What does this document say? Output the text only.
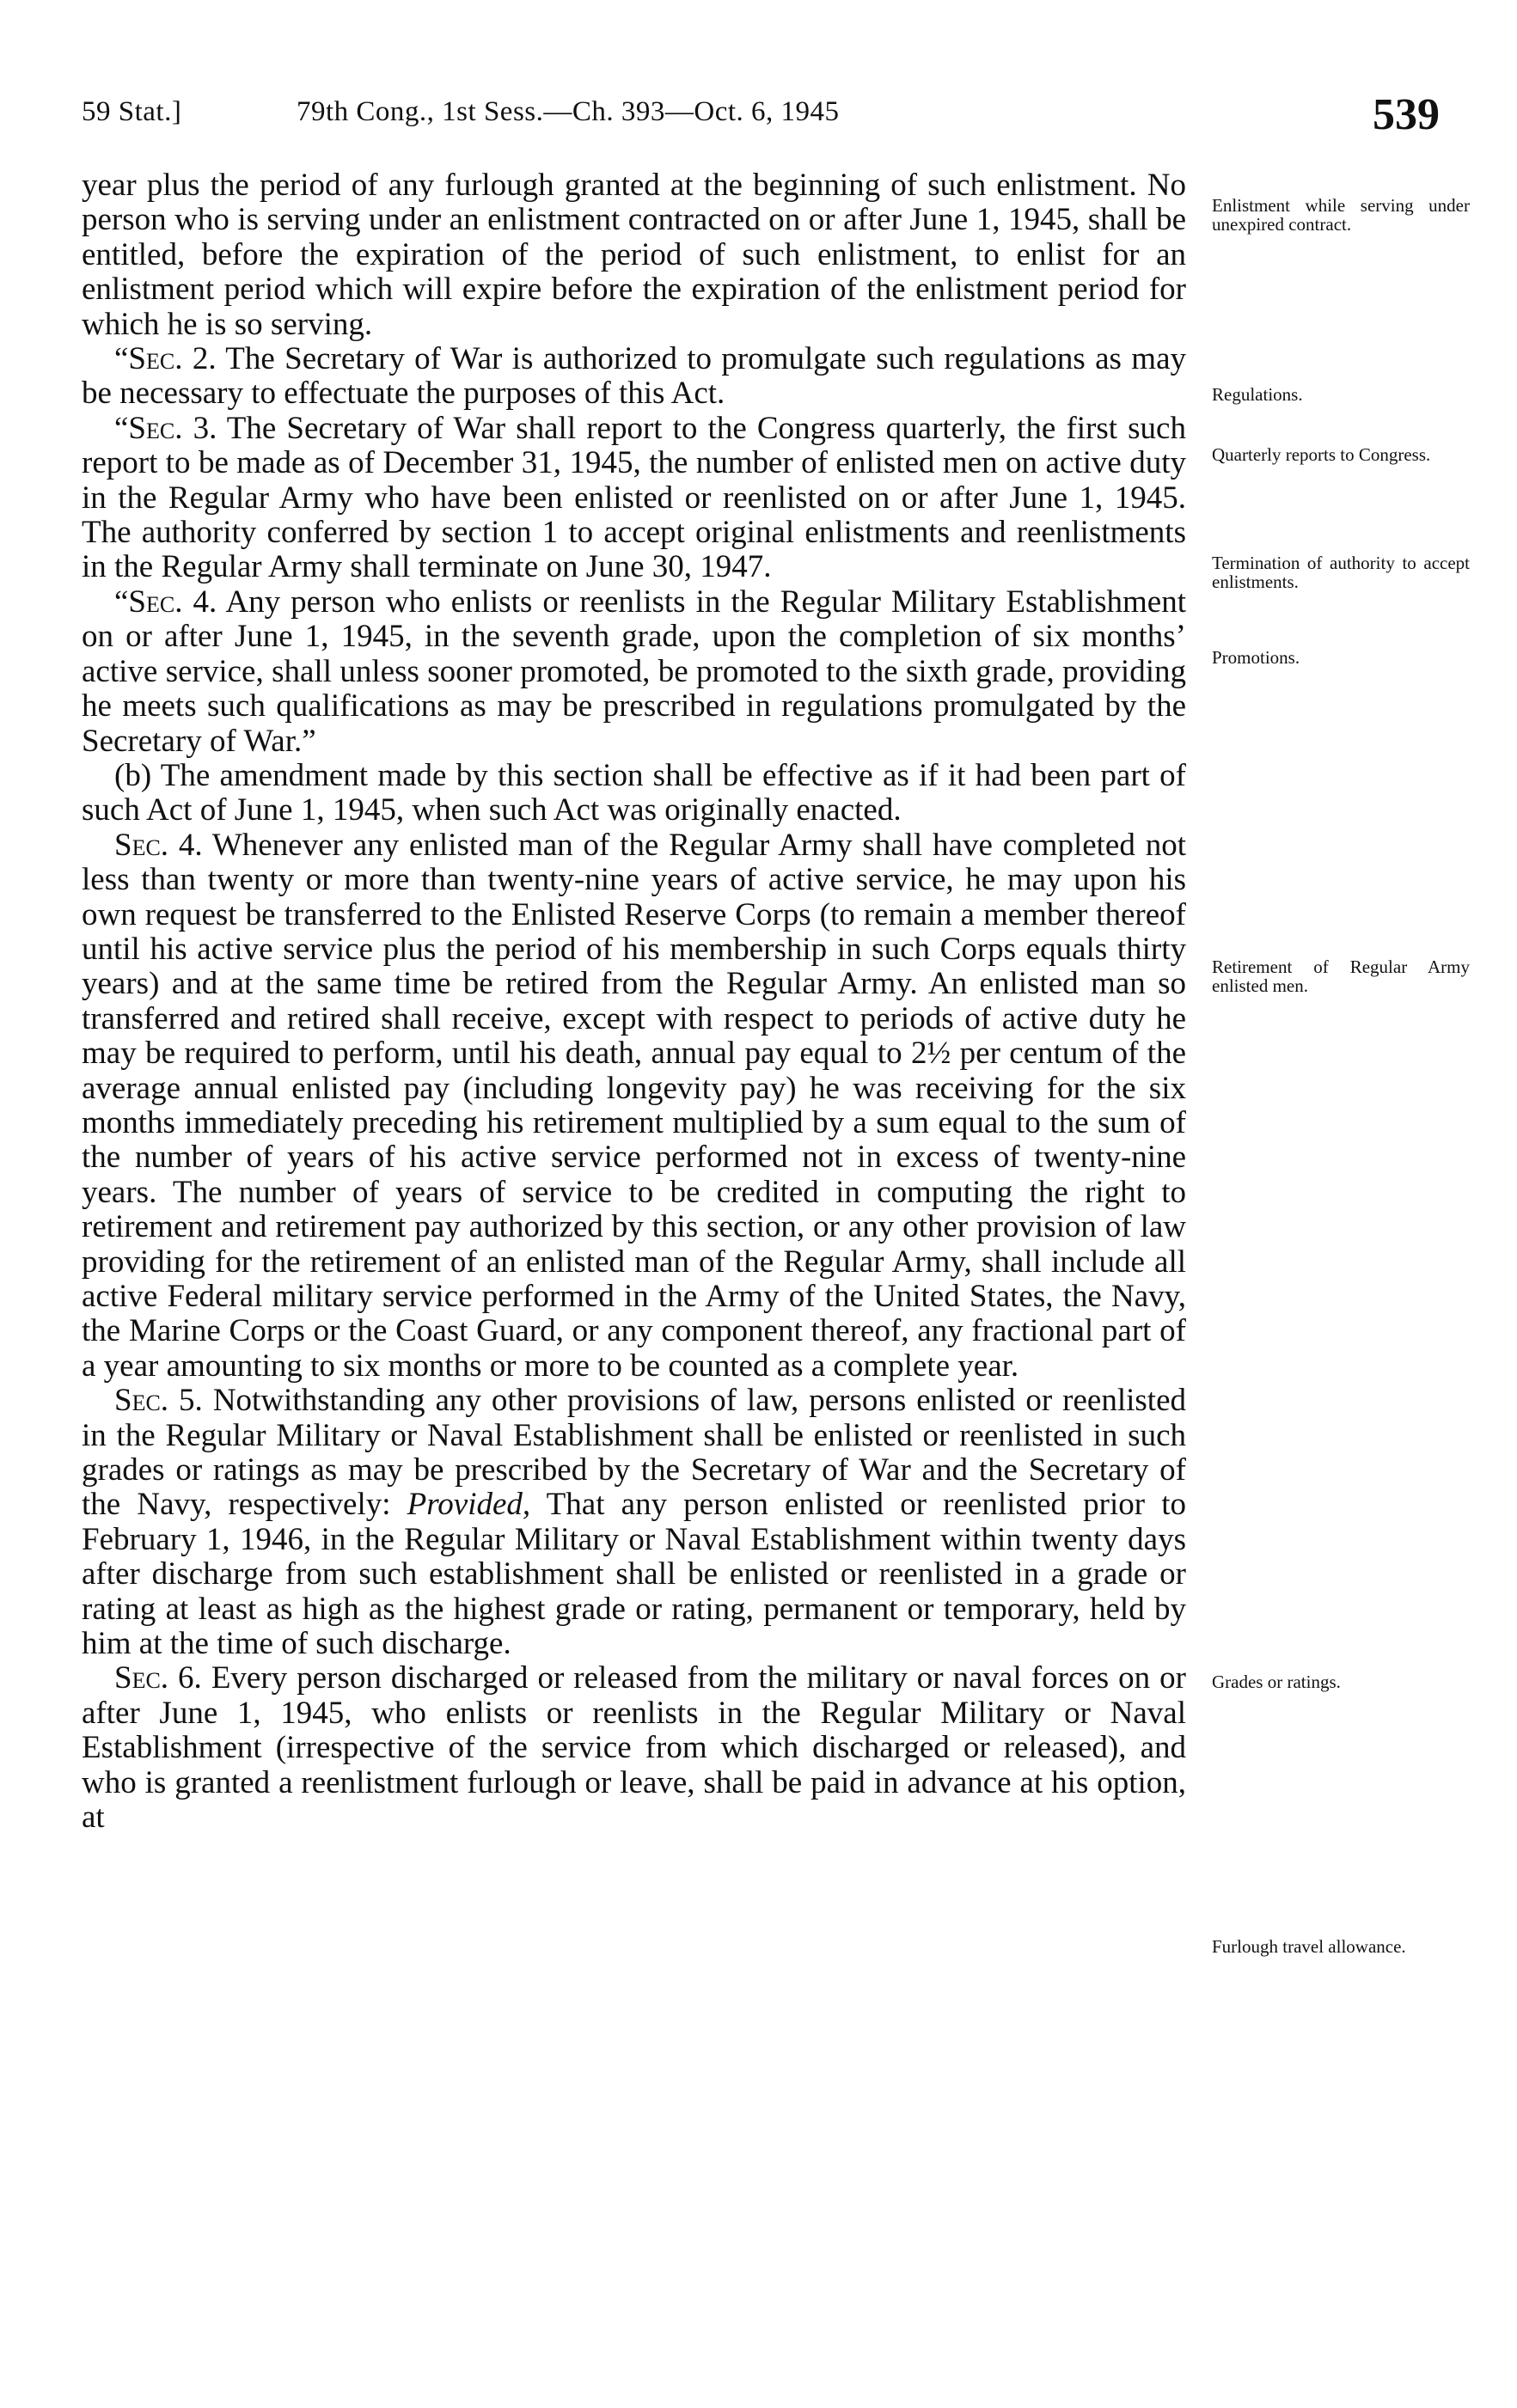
59 Stat.]	79th Cong., 1st Sess.—Ch. 393—Oct. 6, 1945	539

year plus the period of any furlough granted at the beginning of such enlistment. No person who is serving under an enlistment contracted on or after June 1, 1945, shall be entitled, before the expiration of the period of such enlistment, to enlist for an enlistment period which will expire before the expiration of the enlistment period for which he is so serving.

“Sec. 2. The Secretary of War is authorized to promulgate such regulations as may be necessary to effectuate the purposes of this Act.

“Sec. 3. The Secretary of War shall report to the Congress quarterly, the first such report to be made as of December 31, 1945, the number of enlisted men on active duty in the Regular Army who have been enlisted or reenlisted on or after June 1, 1945. The authority conferred by section 1 to accept original enlistments and reenlistments in the Regular Army shall terminate on June 30, 1947.

“Sec. 4. Any person who enlists or reenlists in the Regular Military Establishment on or after June 1, 1945, in the seventh grade, upon the completion of six months’ active service, shall unless sooner promoted, be promoted to the sixth grade, providing he meets such qualifications as may be prescribed in regulations promulgated by the Secretary of War.”

(b) The amendment made by this section shall be effective as if it had been part of such Act of June 1, 1945, when such Act was originally enacted.

Sec. 4. Whenever any enlisted man of the Regular Army shall have completed not less than twenty or more than twenty-nine years of active service, he may upon his own request be transferred to the Enlisted Reserve Corps (to remain a member thereof until his active service plus the period of his membership in such Corps equals thirty years) and at the same time be retired from the Regular Army. An enlisted man so transferred and retired shall receive, except with respect to periods of active duty he may be required to perform, until his death, annual pay equal to 2½ per centum of the average annual enlisted pay (including longevity pay) he was receiving for the six months immediately preceding his retirement multiplied by a sum equal to the sum of the number of years of his active service performed not in excess of twenty-nine years. The number of years of service to be credited in computing the right to retirement and retirement pay authorized by this section, or any other provision of law providing for the retirement of an enlisted man of the Regular Army, shall include all active Federal military service performed in the Army of the United States, the Navy, the Marine Corps or the Coast Guard, or any component thereof, any fractional part of a year amounting to six months or more to be counted as a complete year.

Sec. 5. Notwithstanding any other provisions of law, persons enlisted or reenlisted in the Regular Military or Naval Establishment shall be enlisted or reenlisted in such grades or ratings as may be prescribed by the Secretary of War and the Secretary of the Navy, respectively: Provided, That any person enlisted or reenlisted prior to February 1, 1946, in the Regular Military or Naval Establishment within twenty days after discharge from such establishment shall be enlisted or reenlisted in a grade or rating at least as high as the highest grade or rating, permanent or temporary, held by him at the time of such discharge.

Sec. 6. Every person discharged or released from the military or naval forces on or after June 1, 1945, who enlists or reenlists in the Regular Military or Naval Establishment (irrespective of the service from which discharged or released), and who is granted a reenlistment furlough or leave, shall be paid in advance at his option, at

Enlistment while serving under unexpired contract.
Regulations.
Quarterly reports to Congress.
Termination of authority to accept enlistments.
Promotions.
Retirement of Regular Army enlisted men.
Grades or ratings.
Furlough travel allowance.
